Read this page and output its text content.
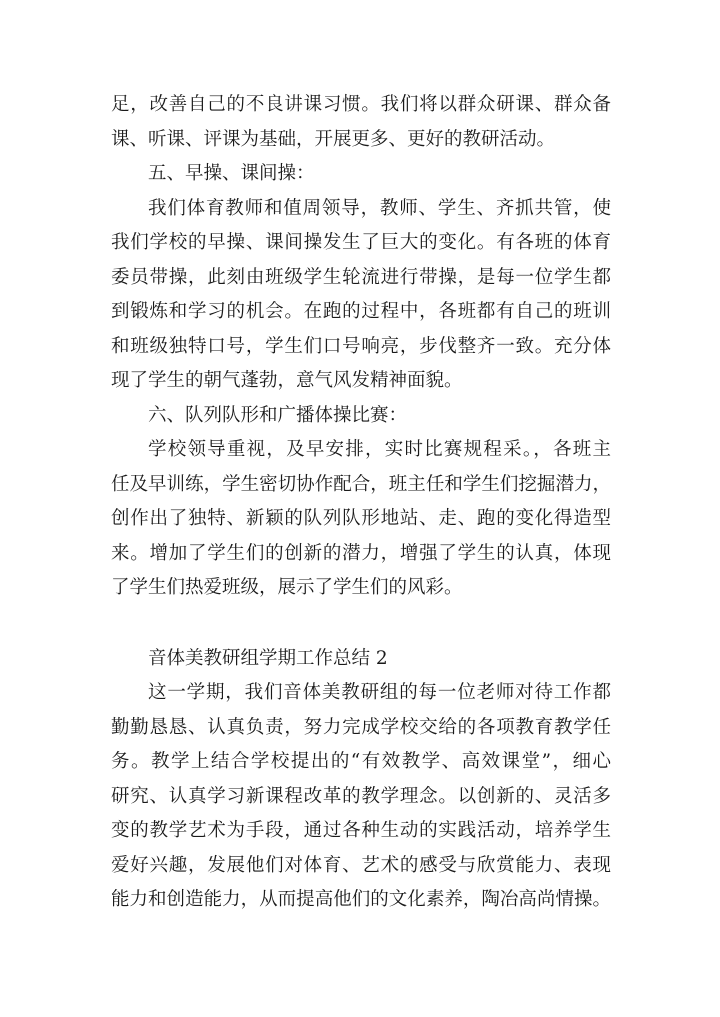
足，改善自己的不良讲课习惯。我们将以群众研课、群众备
课、听课、评课为基础，开展更多、更好的教研活动。
五、早操、课间操：
我们体育教师和值周领导，教师、学生、齐抓共管，使
我们学校的早操、课间操发生了巨大的变化。有各班的体育
委员带操，此刻由班级学生轮流进行带操，是每一位学生都
到锻炼和学习的机会。在跑的过程中，各班都有自己的班训
和班级独特口号，学生们口号响亮，步伐整齐一致。充分体
现了学生的朝气蓬勃，意气风发精神面貌。
六、队列队形和广播体操比赛：
学校领导重视，及早安排，实时比赛规程采。，各班主
任及早训练，学生密切协作配合，班主任和学生们挖掘潜力，
创作出了独特、新颖的队列队形地站、走、跑的变化得造型
来。增加了学生们的创新的潜力，增强了学生的认真，体现
了学生们热爱班级，展示了学生们的风彩。
音体美教研组学期工作总结 2
这一学期，我们音体美教研组的每一位老师对待工作都
勤勤恳恳、认真负责，努力完成学校交给的各项教育教学任
务。教学上结合学校提出的“有效教学、高效课堂”，细心
研究、认真学习新课程改革的教学理念。以创新的、灵活多
变的教学艺术为手段，通过各种生动的实践活动，培养学生
爱好兴趣，发展他们对体育、艺术的感受与欣赏能力、表现
能力和创造能力，从而提高他们的文化素养，陶冶高尚情操。
